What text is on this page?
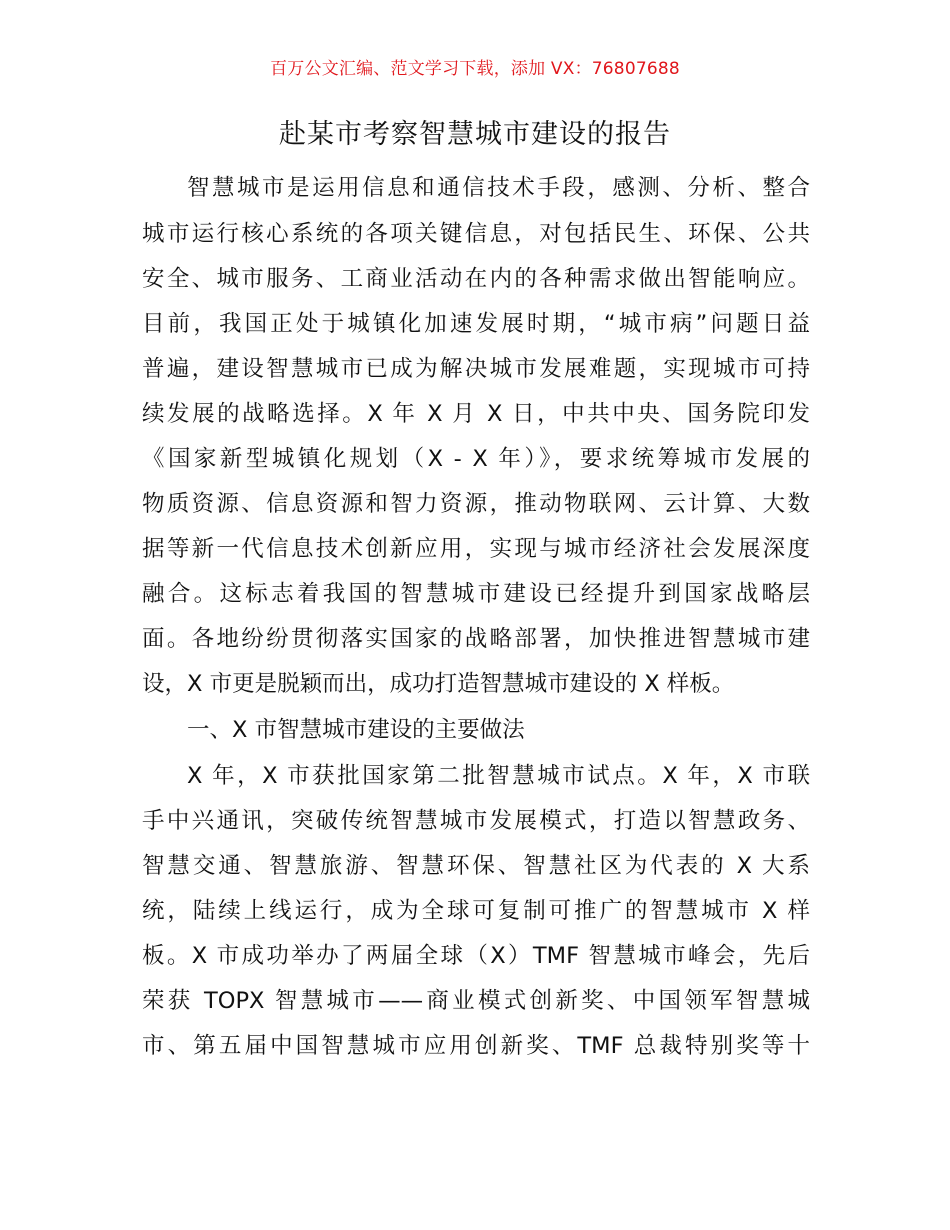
百万公文汇编、范文学习下载，添加 VX：76807688
赴某市考察智慧城市建设的报告
智慧城市是运用信息和通信技术手段，感测、分析、整合
城市运行核心系统的各项关键信息，对包括民生、环保、公共
安全、城市服务、工商业活动在内的各种需求做出智能响应。
目前，我国正处于城镇化加速发展时期，“城市病”问题日益
普遍，建设智慧城市已成为解决城市发展难题，实现城市可持
续发展的战略选择。X 年 X 月 X 日，中共中央、国务院印发
《国家新型城镇化规划（X - X 年）》，要求统筹城市发展的
物质资源、信息资源和智力资源，推动物联网、云计算、大数
据等新一代信息技术创新应用，实现与城市经济社会发展深度
融合。这标志着我国的智慧城市建设已经提升到国家战略层
面。各地纷纷贯彻落实国家的战略部署，加快推进智慧城市建
设，X 市更是脱颖而出，成功打造智慧城市建设的 X 样板。
一、X 市智慧城市建设的主要做法
X 年，X 市获批国家第二批智慧城市试点。X 年，X 市联
手中兴通讯，突破传统智慧城市发展模式，打造以智慧政务、
智慧交通、智慧旅游、智慧环保、智慧社区为代表的 X 大系
统，陆续上线运行，成为全球可复制可推广的智慧城市 X 样
板。X 市成功举办了两届全球（X）TMF 智慧城市峰会，先后
荣获 TOPX 智慧城市——商业模式创新奖、中国领军智慧城
市、第五届中国智慧城市应用创新奖、TMF 总裁特别奖等十
